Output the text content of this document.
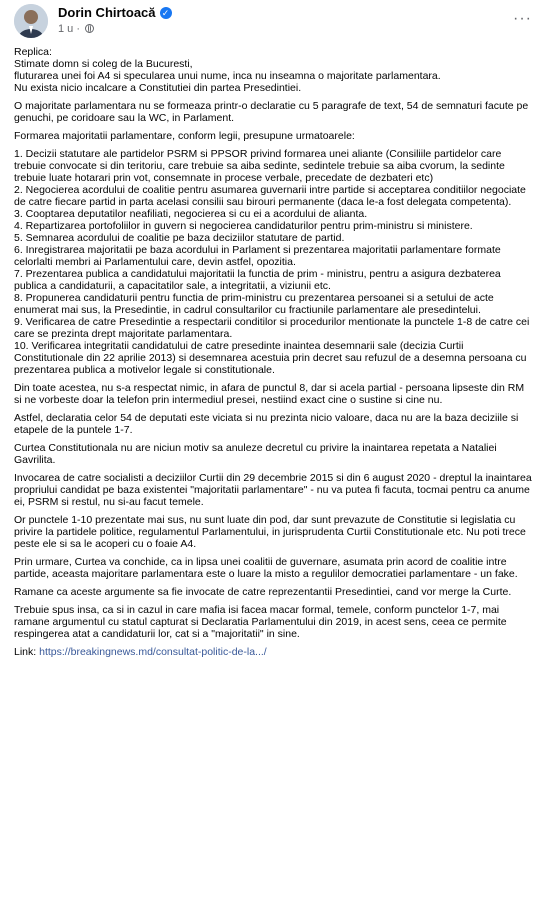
Dorin Chirtoacă ✓
1 u ·
···

Replica:
Stimate domn si coleg de la Bucuresti,
fluturarea unei foi A4 si specularea unui nume, inca nu inseamna o majoritate parlamentara.
Nu exista nicio incalcare a Constitutiei din partea Presedintiei.

O majoritate parlamentara nu se formeaza printr-o declaratie cu 5 paragrafe de text, 54 de semnaturi facute pe genuchi, pe coridoare sau la WC, in Parlament.

Formarea majoritatii parlamentare, conform legii, presupune urmatoarele:

1. Decizii statutare ale partidelor PSRM si PPSOR privind formarea unei aliante (Consiliile partidelor care trebuie convocate si din teritoriu, care trebuie sa aiba sedinte, sedintele trebuie sa aiba cvorum, la sedinte trebuie luate hotarari prin vot, consemnate in procese verbale, precedate de dezbateri etc)
2. Negocierea acordului de coalitie pentru asumarea guvernarii intre partide si acceptarea conditiilor negociate de catre fiecare partid in parta acelasi consilii sau birouri permanente (daca le-a fost delegata competenta).
3. Cooptarea deputatilor neafiliati, negocierea si cu ei a acordului de alianta.
4. Repartizarea portofoliilor in guvern si negocierea candidaturilor pentru prim-ministru si ministere.
5. Semnarea acordului de coalitie pe baza deciziilor statutare de partid.
6. Inregistrarea majoritatii pe baza acordului in Parlament si prezentarea majoritatii parlamentare formate celorlalti membri ai Parlamentului care, devin astfel, opozitia.
7. Prezentarea publica a candidatului majoritatii la functia de prim - ministru, pentru a asigura dezbaterea publica a candidaturii, a capacitatilor sale, a integritatii, a viziunii etc.
8. Propunerea candidaturii pentru functia de prim-ministru cu prezentarea persoanei si a setului de acte enumerat mai sus, la Presedintie, in cadrul consultarilor cu fractiunile parlamentare ale presedintelui.
9. Verificarea de catre Presedintie a respectarii conditilor si procedurilor mentionate la punctele 1-8 de catre cei care se prezinta drept majoritate parlamentara.
10. Verificarea integritatii candidatului de catre presedinte inaintea desemnarii sale (decizia Curtii Constitutionale din 22 aprilie 2013) si desemnarea acestuia prin decret sau refuzul de a desemna persoana cu prezentarea publica a motivelor legale si constitutionale.

Din toate acestea, nu s-a respectat nimic, in afara de punctul 8, dar si acela partial - persoana lipseste din RM si ne vorbeste doar la telefon prin intermediul presei, nestiind exact cine o sustine si cine nu.

Astfel, declaratia celor 54 de deputati este viciata si nu prezinta nicio valoare, daca nu are la baza deciziile si etapele de la puntele 1-7.

Curtea Constitutionala nu are niciun motiv sa anuleze decretul cu privire la inaintarea repetata a Nataliei Gavrilita.

Invocarea de catre socialisti a deciziilor Curtii din 29 decembrie 2015 si din 6 august 2020 - dreptul la inaintarea propriului candidat pe baza existentei "majoritatii parlamentare" - nu va putea fi facuta, tocmai pentru ca anume ei, PSRM si restul, nu si-au facut temele.

Or punctele 1-10 prezentate mai sus, nu sunt luate din pod, dar sunt prevazute de Constitutie si legislatia cu privire la partidele politice, regulamentul Parlamentului, in jurisprudenta Curtii Constitutionale etc. Nu poti trece peste ele si sa le acoperi cu o foaie A4.

Prin urmare, Curtea va conchide, ca in lipsa unei coalitii de guvernare, asumata prin acord de coalitie intre partide, aceasta majoritare parlamentara este o luare la misto a regulilor democratiei parlamentare - un fake.

Ramane ca aceste argumente sa fie invocate de catre reprezentantii Presedintiei, cand vor merge la Curte.

Trebuie spus insa, ca si in cazul in care mafia isi facea macar formal, temele, conform punctelor 1-7, mai ramane argumentul cu statul capturat si Declaratia Parlamentului din 2019, in acest sens, ceea ce permite respingerea atat a candidaturii lor, cat si a "majoritatii" in sine.

Link: https://breakingnews.md/consultat-politic-de-la.../
